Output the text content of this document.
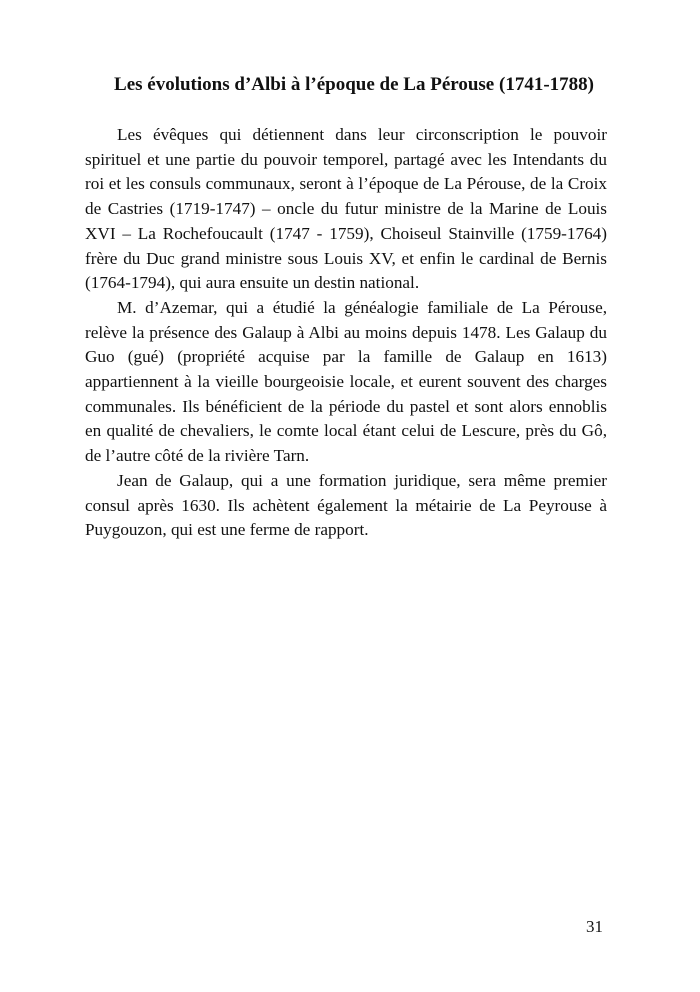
Les évolutions d’Albi à l’époque de La Pérouse (1741-1788)

Les évêques qui détiennent dans leur circonscription le pouvoir spirituel et une partie du pouvoir temporel, partagé avec les Intendants du roi et les consuls communaux, seront à l’époque de La Pérouse, de la Croix de Castries (1719-1747) – oncle du futur ministre de la Marine de Louis XVI – La Rochefoucault (1747 - 1759), Choiseul Stainville (1759-1764) frère du Duc grand ministre sous Louis XV, et enfin le cardinal de Bernis (1764-1794), qui aura ensuite un destin national.

M. d’Azemar, qui a étudié la généalogie familiale de La Pérouse, relève la présence des Galaup à Albi au moins depuis 1478. Les Galaup du Guo (gué) (propriété acquise par la famille de Galaup en 1613) appartiennent à la vieille bourgeoisie locale, et eurent souvent des charges communales. Ils bénéficient de la période du pastel et sont alors ennoblis en qualité de chevaliers, le comte local étant celui de Lescure, près du Gô, de l’autre côté de la rivière Tarn.

Jean de Galaup, qui a une formation juridique, sera même premier consul après 1630. Ils achètent également la métairie de La Peyrouse à Puygouzon, qui est une ferme de rapport.

31
